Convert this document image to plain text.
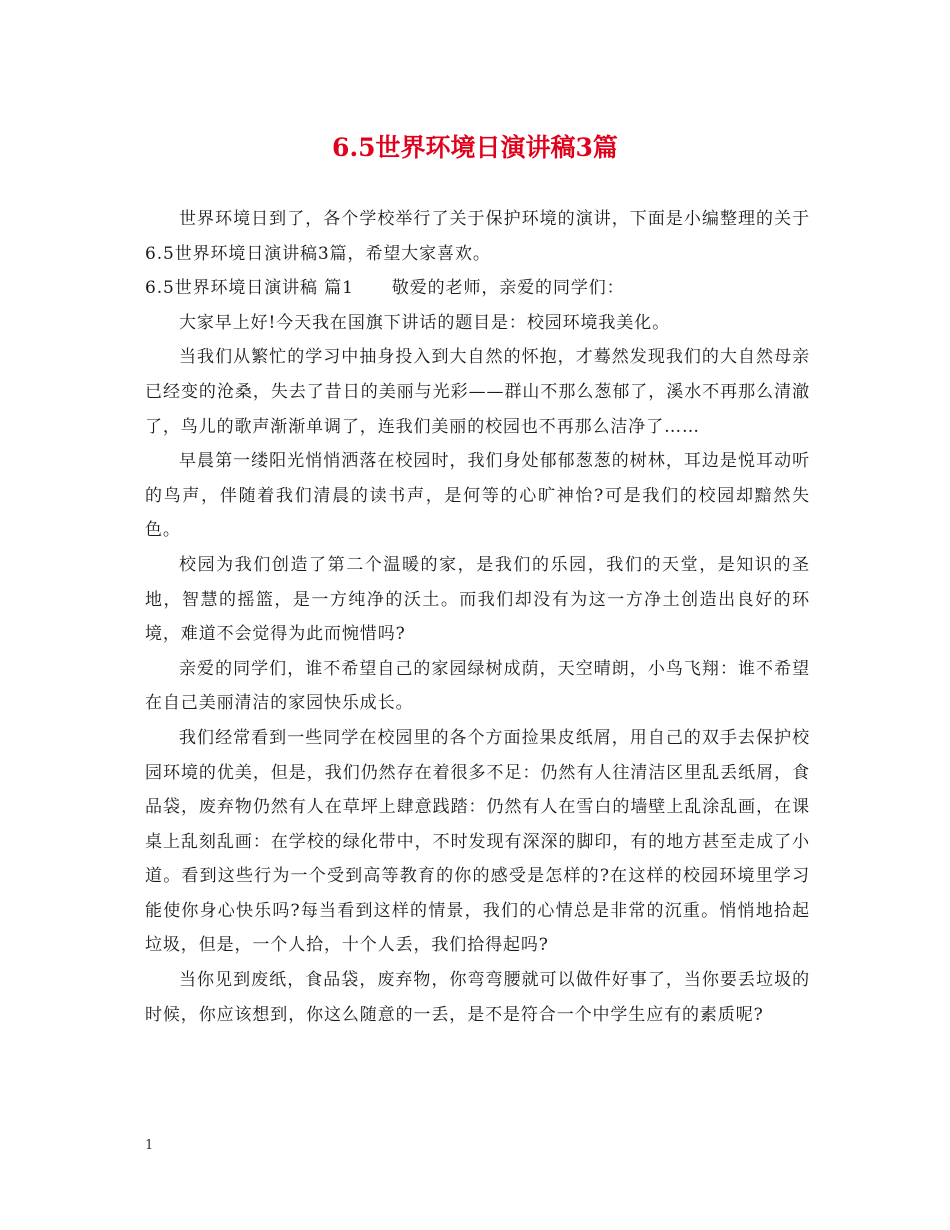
6.5世界环境日演讲稿3篇

世界环境日到了，各个学校举行了关于保护环境的演讲，下面是小编整理的关于6.5世界环境日演讲稿3篇，希望大家喜欢。

6.5世界环境日演讲稿 篇1 敬爱的老师，亲爱的同学们：

大家早上好!今天我在国旗下讲话的题目是：校园环境我美化。

当我们从繁忙的学习中抽身投入到大自然的怀抱，才蓦然发现我们的大自然母亲已经变的沧桑，失去了昔日的美丽与光彩——群山不那么葱郁了，溪水不再那么清澈了，鸟儿的歌声渐渐单调了，连我们美丽的校园也不再那么洁净了……

早晨第一缕阳光悄悄洒落在校园时，我们身处郁郁葱葱的树林，耳边是悦耳动听的鸟声，伴随着我们清晨的读书声，是何等的心旷神怡?可是我们的校园却黯然失色。

校园为我们创造了第二个温暖的家，是我们的乐园，我们的天堂，是知识的圣地，智慧的摇篮，是一方纯净的沃土。而我们却没有为这一方净土创造出良好的环境，难道不会觉得为此而惋惜吗?

亲爱的同学们，谁不希望自己的家园绿树成荫，天空晴朗，小鸟飞翔：谁不希望在自己美丽清洁的家园快乐成长。

我们经常看到一些同学在校园里的各个方面捡果皮纸屑，用自己的双手去保护校园环境的优美，但是，我们仍然存在着很多不足：仍然有人往清洁区里乱丢纸屑，食品袋，废弃物仍然有人在草坪上肆意践踏：仍然有人在雪白的墙壁上乱涂乱画，在课桌上乱刻乱画：在学校的绿化带中，不时发现有深深的脚印，有的地方甚至走成了小道。看到这些行为一个受到高等教育的你的感受是怎样的?在这样的校园环境里学习能使你身心快乐吗?每当看到这样的情景，我们的心情总是非常的沉重。悄悄地拾起垃圾，但是，一个人拾，十个人丢，我们拾得起吗?

当你见到废纸，食品袋，废弃物，你弯弯腰就可以做件好事了，当你要丢垃圾的时候，你应该想到，你这么随意的一丢，是不是符合一个中学生应有的素质呢?

1
